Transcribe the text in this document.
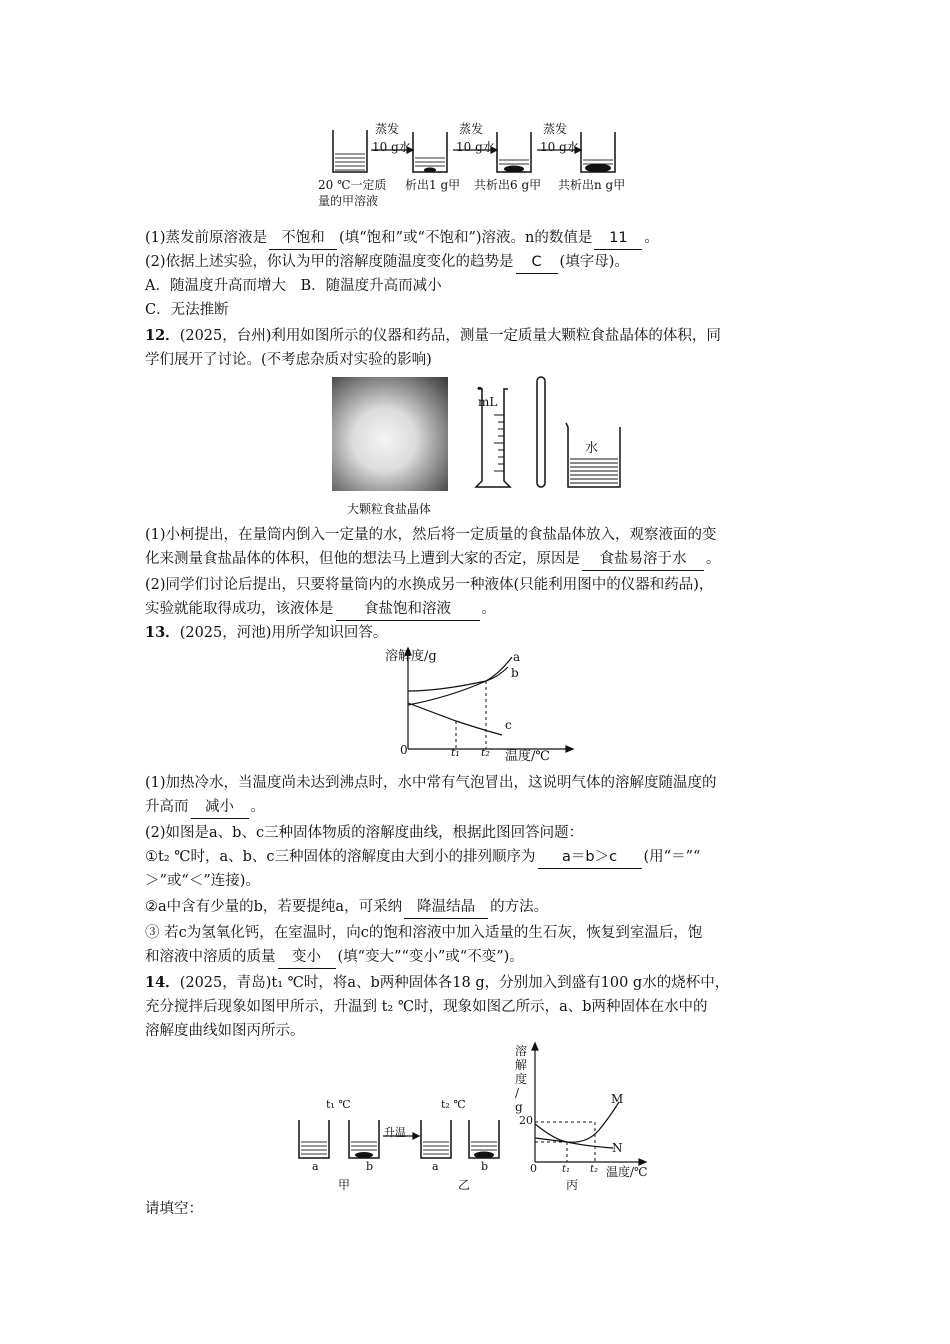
蒸发
10 g水
蒸发
10 g水
蒸发
10 g水
20 ℃一定质
量的甲溶液
析出1 g甲 共析出6 g甲 共析出n g甲
(1)蒸发前原溶液是 不饱和 (填“饱和”或“不饱和”)溶液。n的数值是 11 。
(2)依据上述实验，你认为甲的溶解度随温度变化的趋势是 C (填字母)。
A．随温度升高而增大　B．随温度升高而减小
C．无法推断
12．(2025，台州)利用如图所示的仪器和药品，测量一定质量大颗粒食盐晶体的体积，同
学们展开了讨论。(不考虑杂质对实验的影响)
大颗粒食盐晶体
mL
水
(1)小柯提出，在量筒内倒入一定量的水，然后将一定质量的食盐晶体放入，观察液面的变
化来测量食盐晶体的体积，但他的想法马上遭到大家的否定，原因是 食盐易溶于水 。
(2)同学们讨论后提出，只要将量筒内的水换成另一种液体(只能利用图中的仪器和药品)，
实验就能取得成功，该液体是 食盐饱和溶液 。
13．(2025，河池)用所学知识回答。
溶解度/g	a
b
c
0	t₁ t₂ 温度/℃
(1)加热冷水，当温度尚未达到沸点时，水中常有气泡冒出，这说明气体的溶解度随温度的
升高而 减小 。
(2)如图是a、b、c三种固体物质的溶解度曲线，根据此图回答问题：
①t₂ ℃时，a、b、c三种固体的溶解度由大到小的排列顺序为 a＝b＞c (用“＝”“
＞”或“＜”连接)。
②a中含有少量的b，若要提纯a，可采纳 降温结晶 的方法。
③ 若c为氢氧化钙，在室温时，向c的饱和溶液中加入适量的生石灰，恢复到室温后，饱
和溶液中溶质的质量 变小 (填“变大”“变小”或“不变”)。
14．(2025，青岛)t₁ ℃时，将a、b两种固体各18 g，分别加入到盛有100 g水的烧杯中，
充分搅拌后现象如图甲所示，升温到 t₂ ℃时，现象如图乙所示，a、b两种固体在水中的
溶解度曲线如图丙所示。
t₁ ℃	t₂ ℃
升温
a	b	a	b
甲	乙
溶
解
度
/
g
20
0	t₁ t₂ 温度/℃
M
N
丙
请填空：
